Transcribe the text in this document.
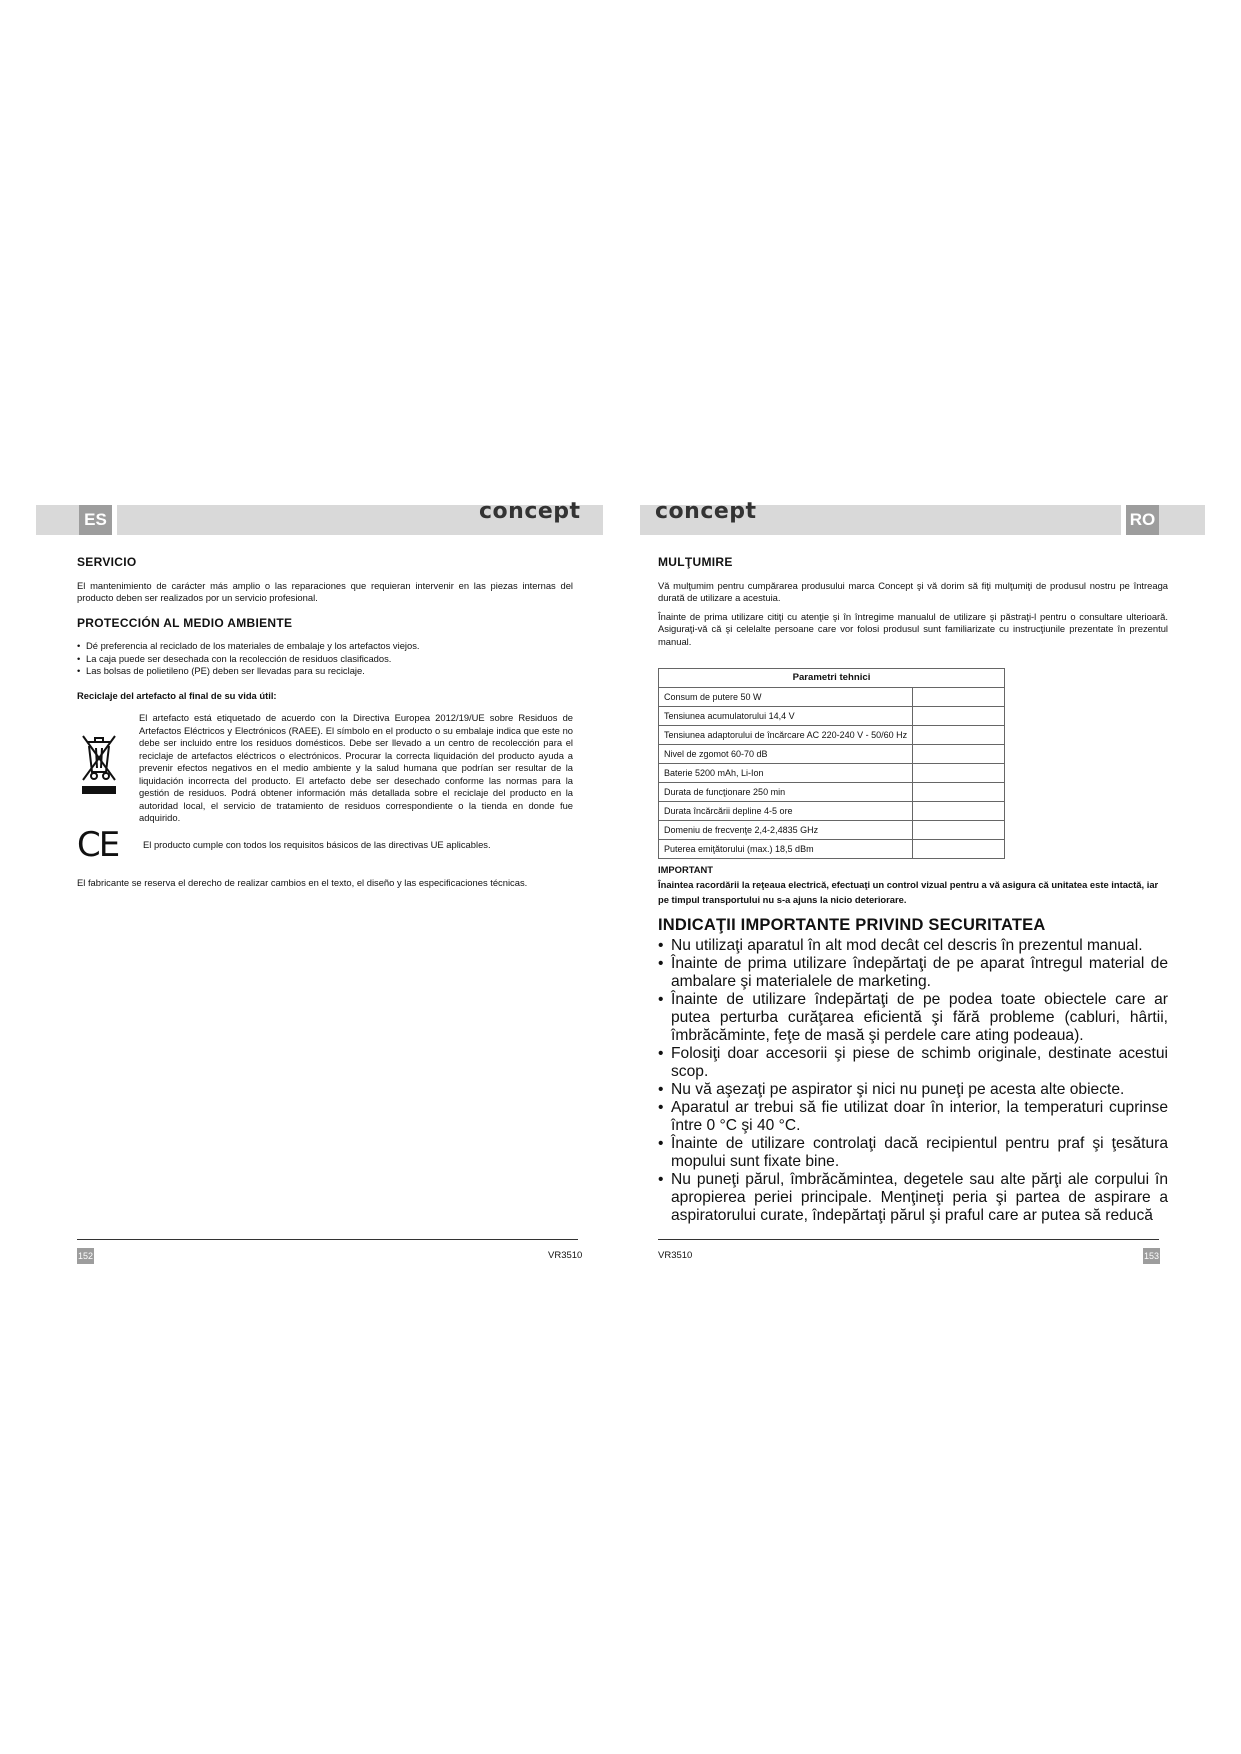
ES	RO
concept	concept
SERVICIO

El mantenimiento de carácter más amplio o las reparaciones que requieran intervenir en las piezas internas del producto deben ser realizados por un servicio profesional.

PROTECCIÓN AL MEDIO AMBIENTE
• Dé preferencia al reciclado de los materiales de embalaje y los artefactos viejos.
• La caja puede ser desechada con la recolección de residuos clasificados.
• Las bolsas de polietileno (PE) deben ser llevadas para su reciclaje.
Reciclaje del artefacto al final de su vida útil:
El artefacto está etiquetado de acuerdo con la Directiva Europea 2012/19/UE sobre Residuos de Artefactos Eléctricos y Electrónicos (RAEE). El símbolo en el producto o su embalaje indica que este no debe ser incluido entre los residuos domésticos. Debe ser llevado a un centro de recolección para el reciclaje de artefactos eléctricos o electrónicos. Procurar la correcta liquidación del producto ayuda a prevenir efectos negativos en el medio ambiente y la salud humana que podrían ser resultar de la liquidación incorrecta del producto. El artefacto debe ser desechado conforme las normas para la gestión de residuos. Podrá obtener información más detallada sobre el reciclaje del producto en la autoridad local, el servicio de tratamiento de residuos correspondiente o la tienda en donde fue adquirido.
CE	El producto cumple con todos los requisitos básicos de las directivas UE aplicables.

El fabricante se reserva el derecho de realizar cambios en el texto, el diseño y las especificaciones técnicas.

MULŢUMIRE

Vă mulţumim pentru cumpărarea produsului marca Concept şi vă dorim să fiţi mulţumiţi de produsul nostru pe întreaga durată de utilizare a acestuia.

Înainte de prima utilizare citiţi cu atenţie şi în întregime manualul de utilizare şi păstraţi-l pentru o consultare ulterioară. Asiguraţi-vă că şi celelalte persoane care vor folosi produsul sunt familiarizate cu instrucţiunile prezentate în prezentul manual.

Parametri tehnici	
Consum de putere 50 W	
Tensiunea acumulatorului 14,4 V	
Tensiunea adaptorului de încărcare AC 220-240 V - 50/60 Hz	
Nivel de zgomot 60-70 dB	
Baterie 5200 mAh, Li-Ion	
Durata de funcţionare 250 min	
Durata încărcării depline 4-5 ore	
Domeniu de frecvenţe 2,4-2,4835 GHz	
Puterea emiţătorului (max.) 18,5 dBm	
IMPORTANT
Înaintea racordării la reţeaua electrică, efectuaţi un control vizual pentru a vă asigura că unitatea este intactă, iar pe timpul transportului nu s-a ajuns la nicio deteriorare.
INDICAŢII IMPORTANTE PRIVIND SECURITATEA
• Nu utilizaţi aparatul în alt mod decât cel descris în prezentul manual.
• Înainte de prima utilizare îndepărtaţi de pe aparat întregul material de ambalare şi materialele de marketing.
• Înainte de utilizare îndepărtaţi de pe podea toate obiectele care ar putea perturba curăţarea eficientă şi fără probleme (cabluri, hârtii, îmbrăcăminte, feţe de masă şi perdele care ating podeaua).
• Folosiţi doar accesorii şi piese de schimb originale, destinate acestui scop.
• Nu vă aşezaţi pe aspirator şi nici nu puneţi pe acesta alte obiecte.
• Aparatul ar trebui să fie utilizat doar în interior, la temperaturi cuprinse între 0 °C şi 40 °C.
• Înainte de utilizare controlaţi dacă recipientul pentru praf şi ţesătura mopului sunt fixate bine.
• Nu puneţi părul, îmbrăcămintea, degetele sau alte părţi ale corpului în apropierea periei principale. Menţineţi peria şi partea de aspirare a aspiratorului curate, îndepărtaţi părul şi praful care ar putea să reducă
152	153
VR3510	VR3510
